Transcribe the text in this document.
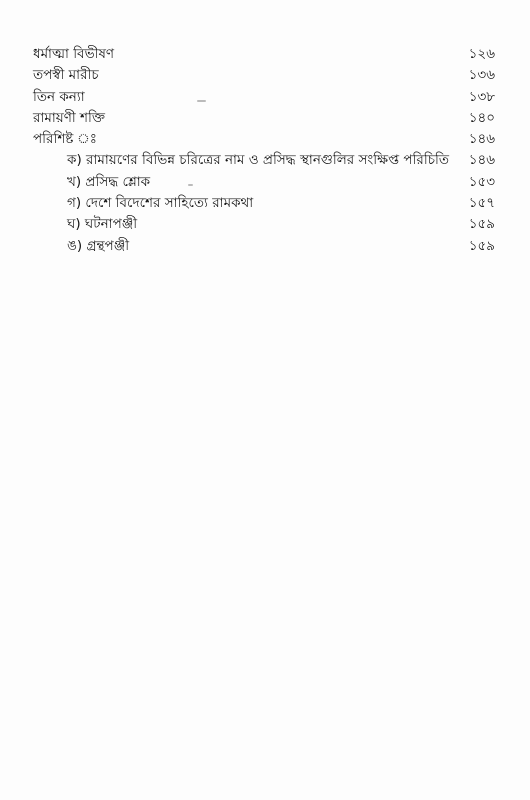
ধর্মাত্মা বিভীষণ	১২৬
তপস্বী মারীচ	১৩৬
তিন কন্যা	১৩৮
রামায়ণী শক্তি	১৪০
পরিশিষ্ট ঃ	১৪৬
ক) রামায়ণের বিভিন্ন চরিত্রের নাম ও প্রসিদ্ধ স্থানগুলির সংক্ষিপ্ত পরিচিতি ১৪৬
খ) প্রসিদ্ধ শ্লোক	১৫৩
গ) দেশে বিদেশের সাহিত্যে রামকথা	১৫৭
ঘ) ঘটনাপঞ্জী	১৫৯
ঙ) গ্রন্থপঞ্জী	১৫৯
